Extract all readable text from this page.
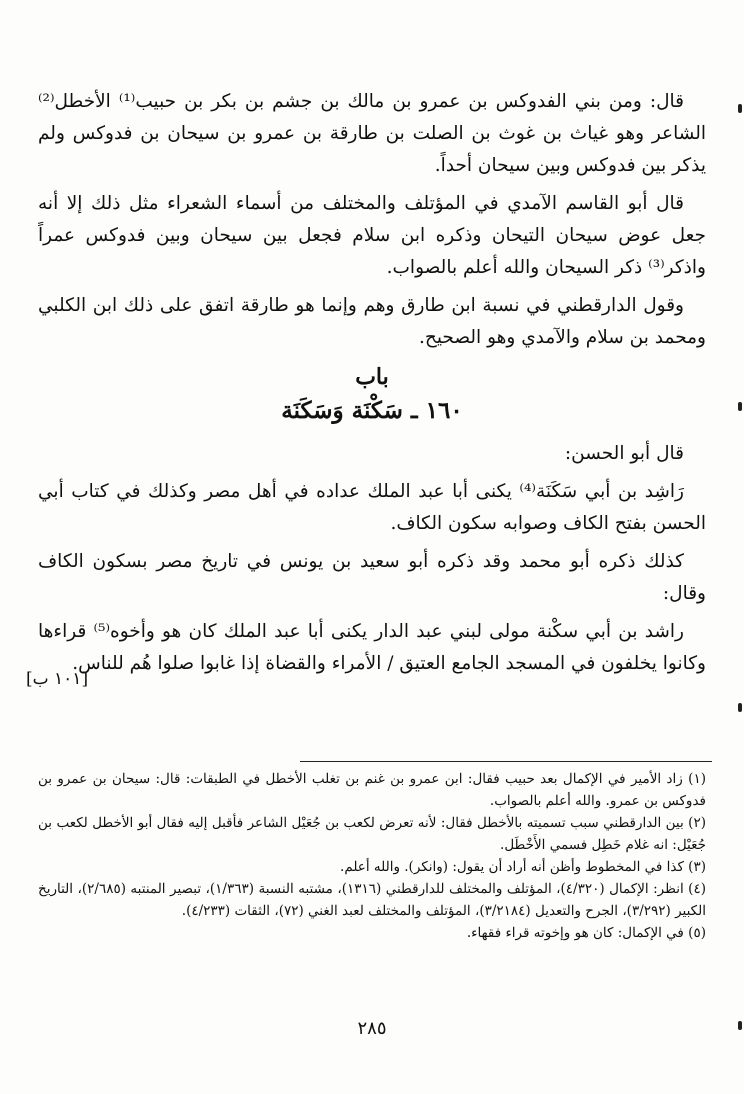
قال: ومن بني الفدوكس بن عمرو بن مالك بن جشم بن بكر بن حبيب⁽¹⁾ الأخطل⁽²⁾ الشاعر وهو غياث بن غوث بن الصلت بن طارقة بن عمرو بن سيحان بن فدوكس ولم يذكر بين فدوكس وبين سيحان أحداً.

قال أبو القاسم الآمدي في المؤتلف والمختلف من أسماء الشعراء مثل ذلك إلا أنه جعل عوض سيحان التيحان وذكره ابن سلام فجعل بين سيحان وبين فدوكس عمراً واذكر⁽³⁾ ذكر السيحان والله أعلم بالصواب.

وقول الدارقطني في نسبة ابن طارق وهم وإنما هو طارقة اتفق على ذلك ابن الكلبي ومحمد بن سلام والآمدي وهو الصحيح.

باب
١٦٠ ـ سَكْنَة وَسَكَنَة

قال أبو الحسن:

رَاشِد بن أبي سَكَنَة⁽⁴⁾ يكنى أبا عبد الملك عداده في أهل مصر وكذلك في كتاب أبي الحسن بفتح الكاف وصوابه سكون الكاف.

كذلك ذكره أبو محمد وقد ذكره أبو سعيد بن يونس في تاريخ مصر بسكون الكاف وقال:

راشد بن أبي سكْنة مولى لبني عبد الدار يكنى أبا عبد الملك كان هو وأخوه⁽⁵⁾ قراءها وكانوا يخلفون في المسجد الجامع العتيق / الأمراء والقضاة إذا غابوا صلوا هُم للناس.

[١٠١ ب]

(١) زاد الأمير في الإكمال بعد حبيب فقال: ابن عمرو بن غنم بن تغلب الأخطل في الطبقات: قال: سيحان بن عمرو بن فدوكس بن عمرو. والله أعلم بالصواب.

(٢) بين الدارقطني سبب تسميته بالأخطل فقال: لأنه تعرض لكعب بن جُعَيْل الشاعر فأقبل إليه فقال أبو الأخطل لكعب بن جُعَيْل: انه غلام خَطِل فسمي الأَخْطَل.

(٣) كذا في المخطوط وأظن أنه أراد أن يقول: (وانكر). والله أعلم.

(٤) انظر: الإكمال (٤/٣٢٠)، المؤتلف والمختلف للدارقطني (١٣١٦)، مشتبه النسبة (١/٣٦٣)، تبصير المنتبه (٢/٦٨٥)، التاريخ الكبير (٣/٢٩٢)، الجرح والتعديل (٣/٢١٨٤)، المؤتلف والمختلف لعبد الغني (٧٢)، الثقات (٤/٢٣٣).

(٥) في الإكمال: كان هو وإخوته قراء فقهاء.

٢٨٥
